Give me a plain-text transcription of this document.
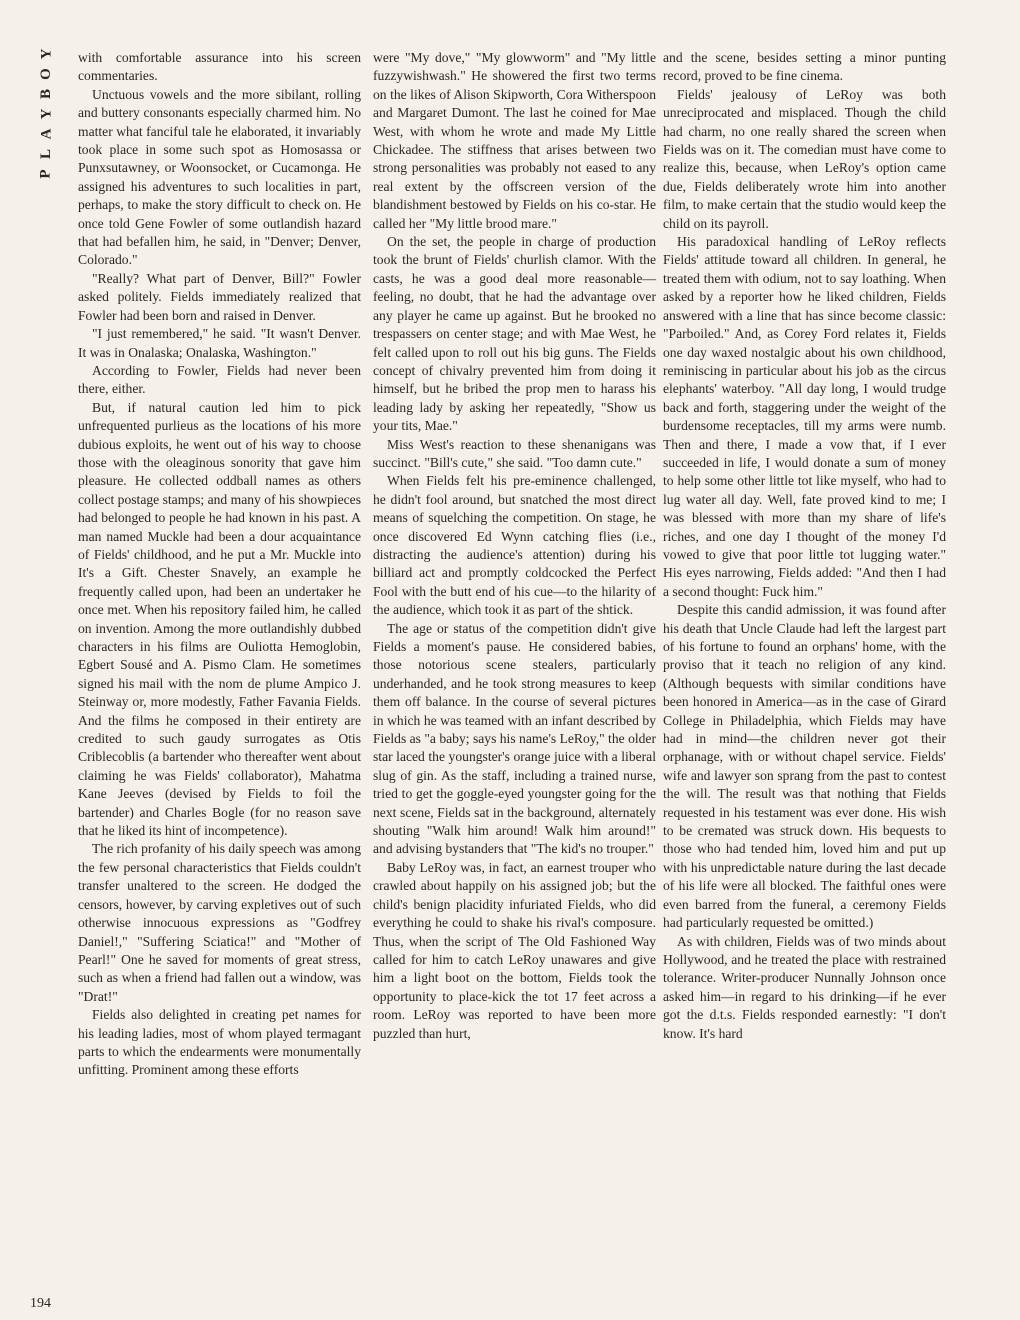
Y
O
B
Y
A
L
P

with comfortable assurance into his screen commentaries.

Unctuous vowels and the more sibilant, rolling and buttery consonants especially charmed him. No matter what fanciful tale he elaborated, it invariably took place in some such spot as Homosassa or Punxsutawney, or Woonsocket, or Cucamonga. He assigned his adventures to such localities in part, perhaps, to make the story difficult to check on. He once told Gene Fowler of some outlandish hazard that had befallen him, he said, in "Denver; Denver, Colorado."

"Really? What part of Denver, Bill?" Fowler asked politely. Fields immediately realized that Fowler had been born and raised in Denver.

"I just remembered," he said. "It wasn't Denver. It was in Onalaska; Onalaska, Washington."

According to Fowler, Fields had never been there, either.

But, if natural caution led him to pick unfrequented purlieus as the locations of his more dubious exploits, he went out of his way to choose those with the oleaginous sonority that gave him pleasure. He collected oddball names as others collect postage stamps; and many of his showpieces had belonged to people he had known in his past. A man named Muckle had been a dour acquaintance of Fields' childhood, and he put a Mr. Muckle into It's a Gift. Chester Snavely, an example he frequently called upon, had been an undertaker he once met. When his repository failed him, he called on invention. Among the more outlandishly dubbed characters in his films are Ouliotta Hemoglobin, Egbert Sousé and A. Pismo Clam. He sometimes signed his mail with the nom de plume Ampico J. Steinway or, more modestly, Father Favania Fields. And the films he composed in their entirety are credited to such gaudy surrogates as Otis Criblecoblis (a bartender who thereafter went about claiming he was Fields' collaborator), Mahatma Kane Jeeves (devised by Fields to foil the bartender) and Charles Bogle (for no reason save that he liked its hint of incompetence).

The rich profanity of his daily speech was among the few personal characteristics that Fields couldn't transfer unaltered to the screen. He dodged the censors, however, by carving expletives out of such otherwise innocuous expressions as "Godfrey Daniel!," "Suffering Sciatica!" and "Mother of Pearl!" One he saved for moments of great stress, such as when a friend had fallen out a window, was "Drat!"

Fields also delighted in creating pet names for his leading ladies, most of whom played termagant parts to which the endearments were monumentally unfitting. Prominent among these efforts

were "My dove," "My glowworm" and "My little fuzzywishwash." He showered the first two terms on the likes of Alison Skipworth, Cora Witherspoon and Margaret Dumont. The last he coined for Mae West, with whom he wrote and made My Little Chickadee. The stiffness that arises between two strong personalities was probably not eased to any real extent by the offscreen version of the blandishment bestowed by Fields on his co-star. He called her "My little brood mare."

On the set, the people in charge of production took the brunt of Fields' churlish clamor. With the casts, he was a good deal more reasonable—feeling, no doubt, that he had the advantage over any player he came up against. But he brooked no trespassers on center stage; and with Mae West, he felt called upon to roll out his big guns. The Fields concept of chivalry prevented him from doing it himself, but he bribed the prop men to harass his leading lady by asking her repeatedly, "Show us your tits, Mae."

Miss West's reaction to these shenanigans was succinct. "Bill's cute," she said. "Too damn cute."

When Fields felt his pre-eminence challenged, he didn't fool around, but snatched the most direct means of squelching the competition. On stage, he once discovered Ed Wynn catching flies (i.e., distracting the audience's attention) during his billiard act and promptly coldcocked the Perfect Fool with the butt end of his cue—to the hilarity of the audience, which took it as part of the shtick.

The age or status of the competition didn't give Fields a moment's pause. He considered babies, those notorious scene stealers, particularly underhanded, and he took strong measures to keep them off balance. In the course of several pictures in which he was teamed with an infant described by Fields as "a baby; says his name's LeRoy," the older star laced the youngster's orange juice with a liberal slug of gin. As the staff, including a trained nurse, tried to get the goggle-eyed youngster going for the next scene, Fields sat in the background, alternately shouting "Walk him around! Walk him around!" and advising bystanders that "The kid's no trouper."

Baby LeRoy was, in fact, an earnest trouper who crawled about happily on his assigned job; but the child's benign placidity infuriated Fields, who did everything he could to shake his rival's composure. Thus, when the script of The Old Fashioned Way called for him to catch LeRoy unawares and give him a light boot on the bottom, Fields took the opportunity to place-kick the tot 17 feet across a room. LeRoy was reported to have been more puzzled than hurt,

and the scene, besides setting a minor punting record, proved to be fine cinema.

Fields' jealousy of LeRoy was both unreciprocated and misplaced. Though the child had charm, no one really shared the screen when Fields was on it. The comedian must have come to realize this, because, when LeRoy's option came due, Fields deliberately wrote him into another film, to make certain that the studio would keep the child on its payroll.

His paradoxical handling of LeRoy reflects Fields' attitude toward all children. In general, he treated them with odium, not to say loathing. When asked by a reporter how he liked children, Fields answered with a line that has since become classic: "Parboiled." And, as Corey Ford relates it, Fields one day waxed nostalgic about his own childhood, reminiscing in particular about his job as the circus elephants' waterboy. "All day long, I would trudge back and forth, staggering under the weight of the burdensome receptacles, till my arms were numb. Then and there, I made a vow that, if I ever succeeded in life, I would donate a sum of money to help some other little tot like myself, who had to lug water all day. Well, fate proved kind to me; I was blessed with more than my share of life's riches, and one day I thought of the money I'd vowed to give that poor little tot lugging water." His eyes narrowing, Fields added: "And then I had a second thought: Fuck him."

Despite this candid admission, it was found after his death that Uncle Claude had left the largest part of his fortune to found an orphans' home, with the proviso that it teach no religion of any kind. (Although bequests with similar conditions have been honored in America—as in the case of Girard College in Philadelphia, which Fields may have had in mind—the children never got their orphanage, with or without chapel service. Fields' wife and lawyer son sprang from the past to contest the will. The result was that nothing that Fields requested in his testament was ever done. His wish to be cremated was struck down. His bequests to those who had tended him, loved him and put up with his unpredictable nature during the last decade of his life were all blocked. The faithful ones were even barred from the funeral, a ceremony Fields had particularly requested be omitted.)

As with children, Fields was of two minds about Hollywood, and he treated the place with restrained tolerance. Writer-producer Nunnally Johnson once asked him—in regard to his drinking—if he ever got the d.t.s. Fields responded earnestly: "I don't know. It's hard

194
